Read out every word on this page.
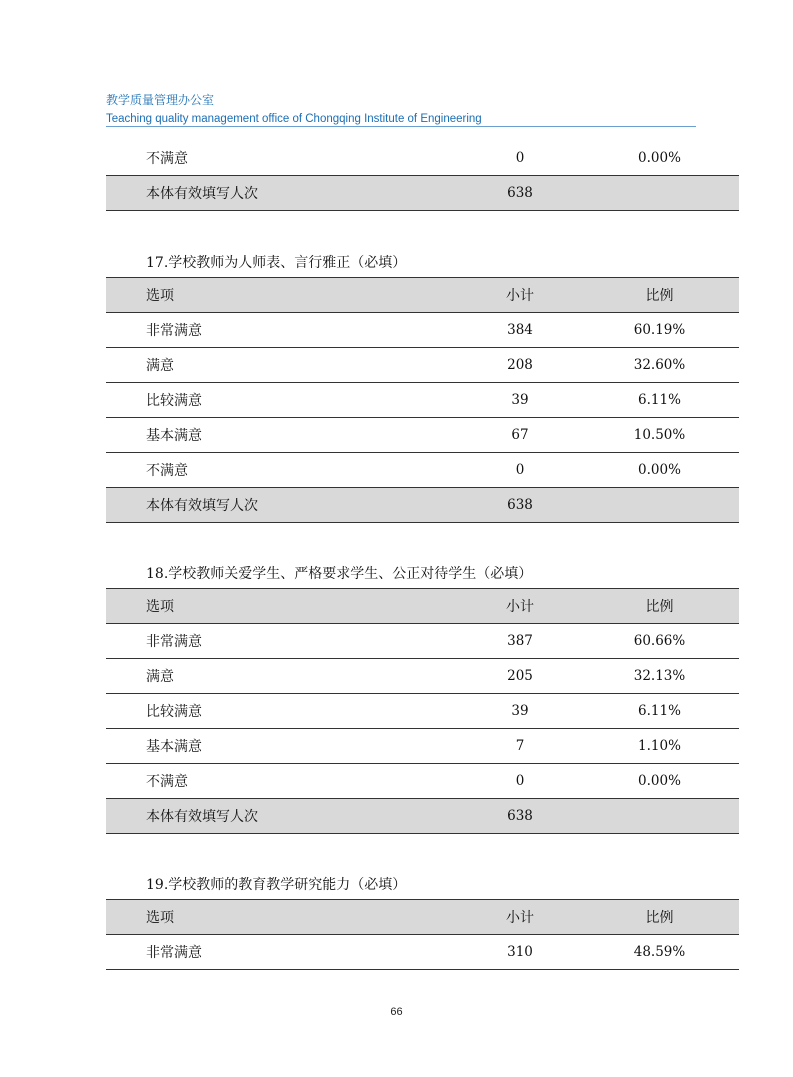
教学质量管理办公室
Teaching quality management office of Chongqing Institute of Engineering
不满意	0	0.00%
本体有效填写人次	638	
17.学校教师为人师表、言行雅正（必填）
选项	小计	比例
非常满意	384	60.19%
满意	208	32.60%
比较满意	39	6.11%
基本满意	67	10.50%
不满意	0	0.00%
本体有效填写人次	638	
18.学校教师关爱学生、严格要求学生、公正对待学生（必填）
选项	小计	比例
非常满意	387	60.66%
满意	205	32.13%
比较满意	39	6.11%
基本满意	7	1.10%
不满意	0	0.00%
本体有效填写人次	638	
19.学校教师的教育教学研究能力（必填）
选项	小计	比例
非常满意	310	48.59%
66
